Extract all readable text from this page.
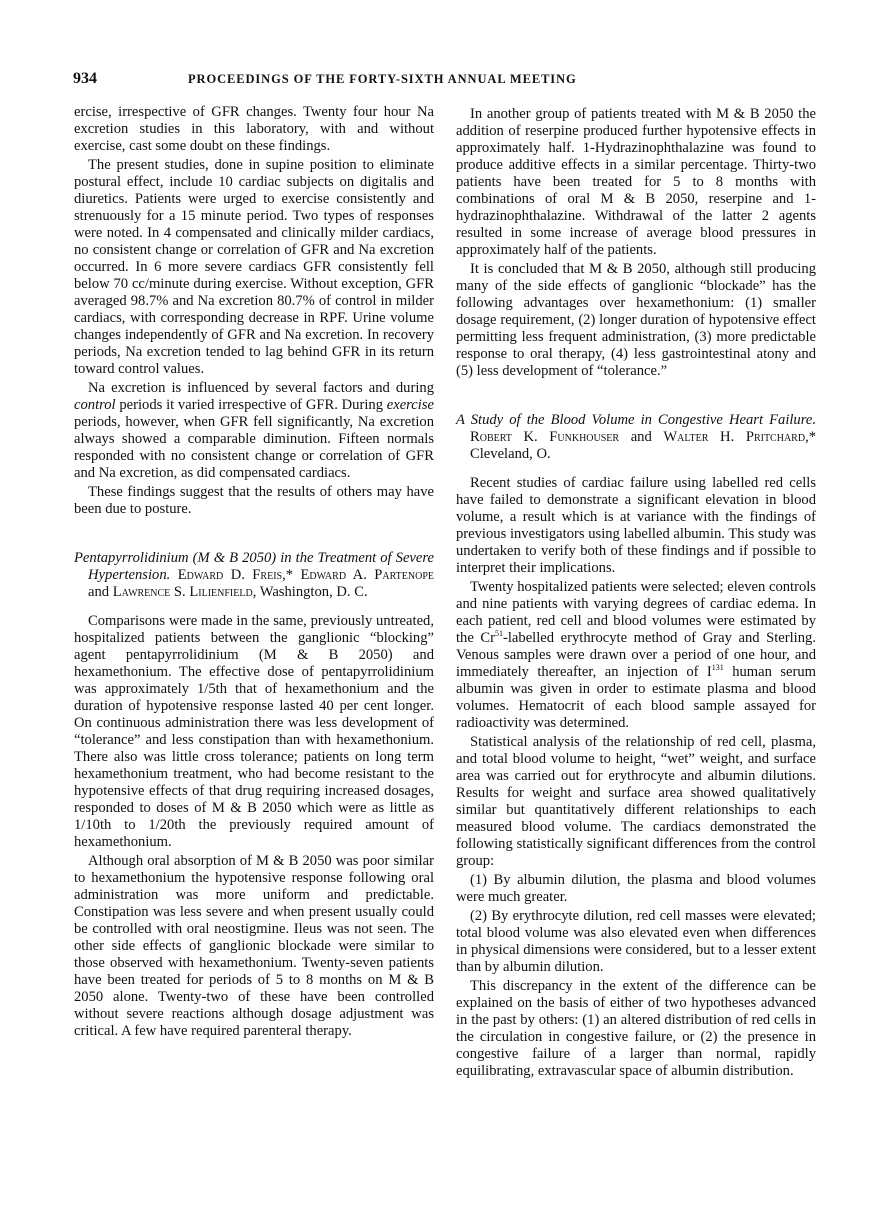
934	PROCEEDINGS OF THE FORTY-SIXTH ANNUAL MEETING

ercise, irrespective of GFR changes. Twenty four hour Na excretion studies in this laboratory, with and without exercise, cast some doubt on these findings.

The present studies, done in supine position to eliminate postural effect, include 10 cardiac subjects on digitalis and diuretics. Patients were urged to exercise consistently and strenuously for a 15 minute period. Two types of responses were noted. In 4 compensated and clinically milder cardiacs, no consistent change or correlation of GFR and Na excretion occurred. In 6 more severe cardiacs GFR consistently fell below 70 cc/minute during exercise. Without exception, GFR averaged 98.7% and Na excretion 80.7% of control in milder cardiacs, with corresponding decrease in RPF. Urine volume changes independently of GFR and Na excretion. In recovery periods, Na excretion tended to lag behind GFR in its return toward control values.

Na excretion is influenced by several factors and during control periods it varied irrespective of GFR. During exercise periods, however, when GFR fell significantly, Na excretion always showed a comparable diminution. Fifteen normals responded with no consistent change or correlation of GFR and Na excretion, as did compensated cardiacs.

These findings suggest that the results of others may have been due to posture.

Pentapyrrolidinium (M & B 2050) in the Treatment of Severe Hypertension. Edward D. Freis,* Edward A. Partenope and Lawrence S. Lilienfield, Washington, D. C.

Comparisons were made in the same, previously untreated, hospitalized patients between the ganglionic “blocking” agent pentapyrrolidinium (M & B 2050) and hexamethonium. The effective dose of pentapyrrolidinium was approximately 1/5th that of hexamethonium and the duration of hypotensive response lasted 40 per cent longer. On continuous administration there was less development of “tolerance” and less constipation than with hexamethonium. There also was little cross tolerance; patients on long term hexamethonium treatment, who had become resistant to the hypotensive effects of that drug requiring increased dosages, responded to doses of M & B 2050 which were as little as 1/10th to 1/20th the previously required amount of hexamethonium.

Although oral absorption of M & B 2050 was poor similar to hexamethonium the hypotensive response following oral administration was more uniform and predictable. Constipation was less severe and when present usually could be controlled with oral neostigmine. Ileus was not seen. The other side effects of ganglionic blockade were similar to those observed with hexamethonium. Twenty-seven patients have been treated for periods of 5 to 8 months on M & B 2050 alone. Twenty-two of these have been controlled without severe reactions although dosage adjustment was critical. A few have required parenteral therapy.

In another group of patients treated with M & B 2050 the addition of reserpine produced further hypotensive effects in approximately half. 1-Hydrazinophthalazine was found to produce additive effects in a similar percentage. Thirty-two patients have been treated for 5 to 8 months with combinations of oral M & B 2050, reserpine and 1-hydrazinophthalazine. Withdrawal of the latter 2 agents resulted in some increase of average blood pressures in approximately half of the patients.

It is concluded that M & B 2050, although still producing many of the side effects of ganglionic “blockade” has the following advantages over hexamethonium: (1) smaller dosage requirement, (2) longer duration of hypotensive effect permitting less frequent administration, (3) more predictable response to oral therapy, (4) less gastrointestinal atony and (5) less development of “tolerance.”

A Study of the Blood Volume in Congestive Heart Failure. Robert K. Funkhouser and Walter H. Pritchard,* Cleveland, O.

Recent studies of cardiac failure using labelled red cells have failed to demonstrate a significant elevation in blood volume, a result which is at variance with the findings of previous investigators using labelled albumin. This study was undertaken to verify both of these findings and if possible to interpret their implications.

Twenty hospitalized patients were selected; eleven controls and nine patients with varying degrees of cardiac edema. In each patient, red cell and blood volumes were estimated by the Cr$^{51}$-labelled erythrocyte method of Gray and Sterling. Venous samples were drawn over a period of one hour, and immediately thereafter, an injection of $I^{131}$ human serum albumin was given in order to estimate plasma and blood volumes. Hematocrit of each blood sample assayed for radioactivity was determined.

Statistical analysis of the relationship of red cell, plasma, and total blood volume to height, “wet” weight, and surface area was carried out for erythrocyte and albumin dilutions. Results for weight and surface area showed qualitatively similar but quantitatively different relationships to each measured blood volume. The cardiacs demonstrated the following statistically significant differences from the control group:

(1) By albumin dilution, the plasma and blood volumes were much greater.

(2) By erythrocyte dilution, red cell masses were elevated; total blood volume was also elevated even when differences in physical dimensions were considered, but to a lesser extent than by albumin dilution.

This discrepancy in the extent of the difference can be explained on the basis of either of two hypotheses advanced in the past by others: (1) an altered distribution of red cells in the circulation in congestive failure, or (2) the presence in congestive failure of a larger than normal, rapidly equilibrating, extravascular space of albumin distribution.
